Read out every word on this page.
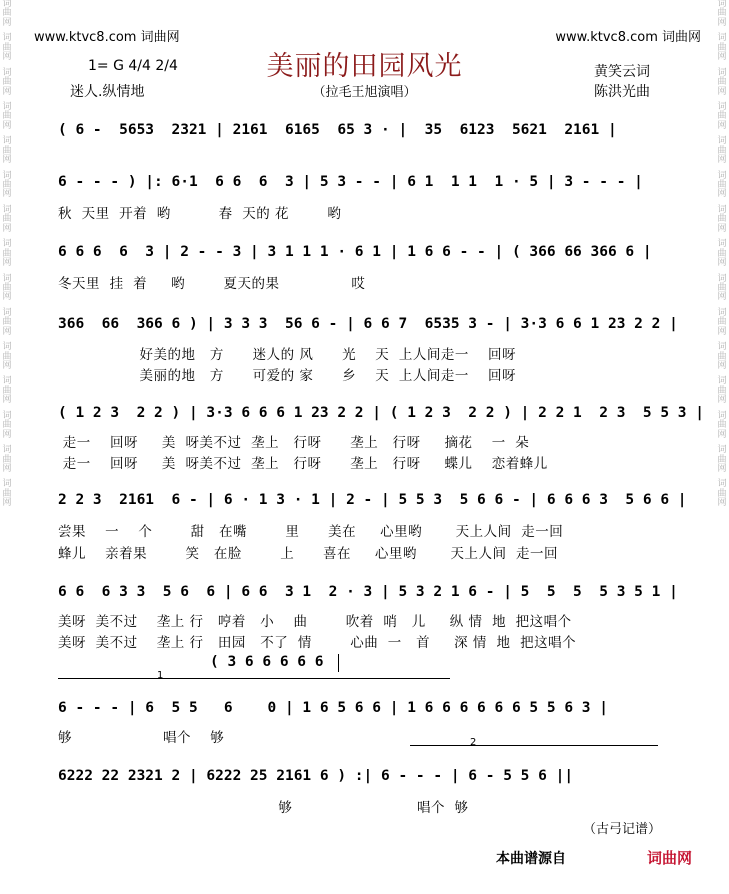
词曲网
词曲网
词曲网
词曲网
词曲网
词曲网
词曲网
词曲网
词曲网
词曲网
词曲网
词曲网
词曲网
词曲网
词曲网
词曲网
词曲网
词曲网
词曲网
词曲网
词曲网
词曲网
词曲网
词曲网
词曲网
词曲网
词曲网
词曲网
词曲网
词曲网
www.ktvc8.com 词曲网	www.ktvc8.com 词曲网
美丽的田园风光
1= G 4/4 2/4
迷人.纵情地	（拉毛王旭演唱）
黄笑云词
陈洪光曲
( 6 -  5653  2321 | 2161  6165  65 3 · |  35  6123  5621  2161 |
6 - - - ) |: 6·1  6 6  6  3 | 5 3 - - | 6 1  1 1  1 · 5 | 3 - - - |
秋  天里  开着  哟          春  天的 花        哟
6 6 6  6  3 | 2 - - 3 | 3 1 1 1 · 6 1 | 1 6 6 - - | ( 366 66 366 6 |
冬天里  挂  着     哟        夏天的果               哎
366  66  366 6 ) | 3 3 3  56 6 - | 6 6 7  6535 3 - | 3·3 6 6 1 23 2 2 |
好美的地   方      迷人的 风      光    天  上人间走一    回呀
美丽的地   方      可爱的 家      乡    天  上人间走一    回呀
( 1 2 3  2 2 ) | 3·3 6 6 6 1 23 2 2 | ( 1 2 3  2 2 ) | 2 2 1  2 3  5 5 3 |
走一    回呀     美  呀美不过  垄上   行呀      垄上   行呀     摘花    一  朵
走一    回呀     美  呀美不过  垄上   行呀      垄上   行呀     蝶儿    恋着蜂儿
2 2 3  2161  6 - | 6 · 1 3 · 1 | 2 - | 5 5 3  5 6 6 - | 6 6 6 3  5 6 6 |
尝果    一    个        甜   在嘴        里      美在     心里哟       天上人间  走一回
蜂儿    亲着果        笑   在脸        上      喜在     心里哟       天上人间  走一回
6 6  6 3 3  5 6  6 | 6 6  3 1  2 · 3 | 5 3 2 1 6 - | 5  5  5  5 3 5 1 |
美呀  美不过    垄上 行   哼着   小    曲        吹着  哨   儿     纵 情  地  把这唱个
美呀  美不过    垄上 行   田园   不了  情        心曲  一   首     深 情  地  把这唱个
( 3 6 6 6 6 6
1
6 - - - | 6  5 5   6    0 | 1 6 5 6 6 | 1 6 6 6 6 6 6 5 5 6 3 |
够                   唱个    够	2
6222 22 2321 2 | 6222 25 2161 6 ) :| 6 - - - | 6 - 5 5 6 ||
够                          唱个  够
（古弓记谱）
本曲谱源自	词曲网
